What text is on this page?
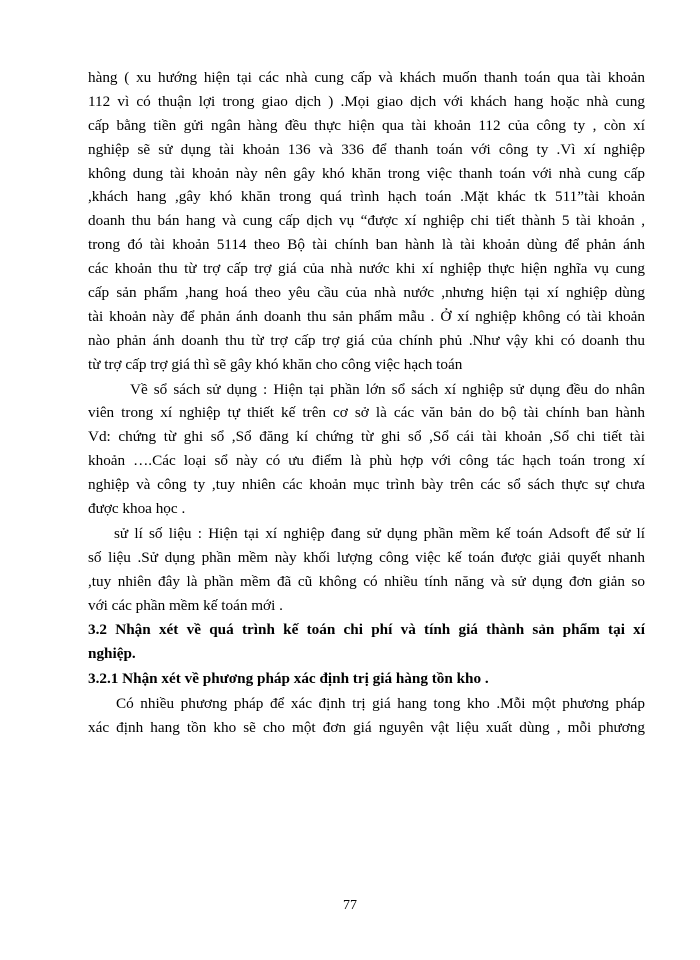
hàng ( xu hướng hiện tại các nhà cung cấp và khách muốn thanh toán qua tài khoản
112 vì có thuận lợi trong giao dịch ) .Mọi giao dịch với khách hang hoặc nhà cung
cấp bằng tiền gửi ngân hàng đều thực hiện qua tài khoản 112 của công ty , còn xí
nghiệp sẽ sử dụng tài khoản 136 và 336 để thanh toán với công ty .Vì xí nghiệp
không dung tài khoản này nên gây khó khăn trong việc thanh toán với nhà cung cấp
,khách hang ,gây khó khăn trong quá trình hạch toán .Mặt khác tk 511”tài khoản
doanh thu bán hang và cung cấp dịch vụ “được xí nghiệp chi tiết thành 5 tài khoản ,
trong đó tài khoản 5114 theo Bộ tài chính ban hành là tài khoản dùng để phản ánh
các khoản thu từ trợ cấp trợ giá của nhà nước khi xí nghiệp thực hiện nghĩa vụ cung
cấp sản phẩm ,hang hoá theo yêu cầu của nhà nước ,nhưng hiện tại xí nghiệp dùng
tài khoản này để phản ánh doanh thu sản phẩm mẫu . Ở xí nghiệp không có tài khoản
nào phản ánh doanh thu từ trợ cấp trợ giá của chính phủ .Như vậy khi có doanh thu
từ trợ cấp trợ giá thì sẽ gây khó khăn cho công việc hạch toán
Về sổ sách sử dụng : Hiện tại phần lớn sổ sách xí nghiệp sử dụng đều do nhân
viên trong xí nghiệp tự thiết kế trên cơ sở là các văn bản do bộ tài chính ban hành
Vd: chứng từ ghi sổ ,Sổ đăng kí chứng từ ghi sổ ,Sổ cái tài khoản ,Sổ chi tiết tài
khoản ….Các loại sổ này có ưu điểm là phù hợp với công tác hạch toán trong xí
nghiệp và công ty ,tuy nhiên các khoản mục trình bày trên các sổ sách thực sự chưa
được khoa học .
sử lí số liệu : Hiện tại xí nghiệp đang sử dụng phần mềm kế toán Adsoft để sử lí
số liệu .Sử dụng phần mềm này khối lượng công việc kế toán được giải quyết nhanh
,tuy nhiên đây là phần mềm đã cũ không có nhiều tính năng và sử dụng đơn giản so
với các phần mềm kế toán mới .
3.2 Nhận xét về quá trình kế toán chi phí và tính giá thành sản phẩm tại xí
nghiệp.
3.2.1 Nhận xét về phương pháp xác định trị giá hàng tồn kho .
Có nhiều phương pháp để xác định trị giá hang tong kho .Mỗi một phương pháp
xác định hang tồn kho sẽ cho một đơn giá nguyên vật liệu xuất dùng , mỗi phương
77
